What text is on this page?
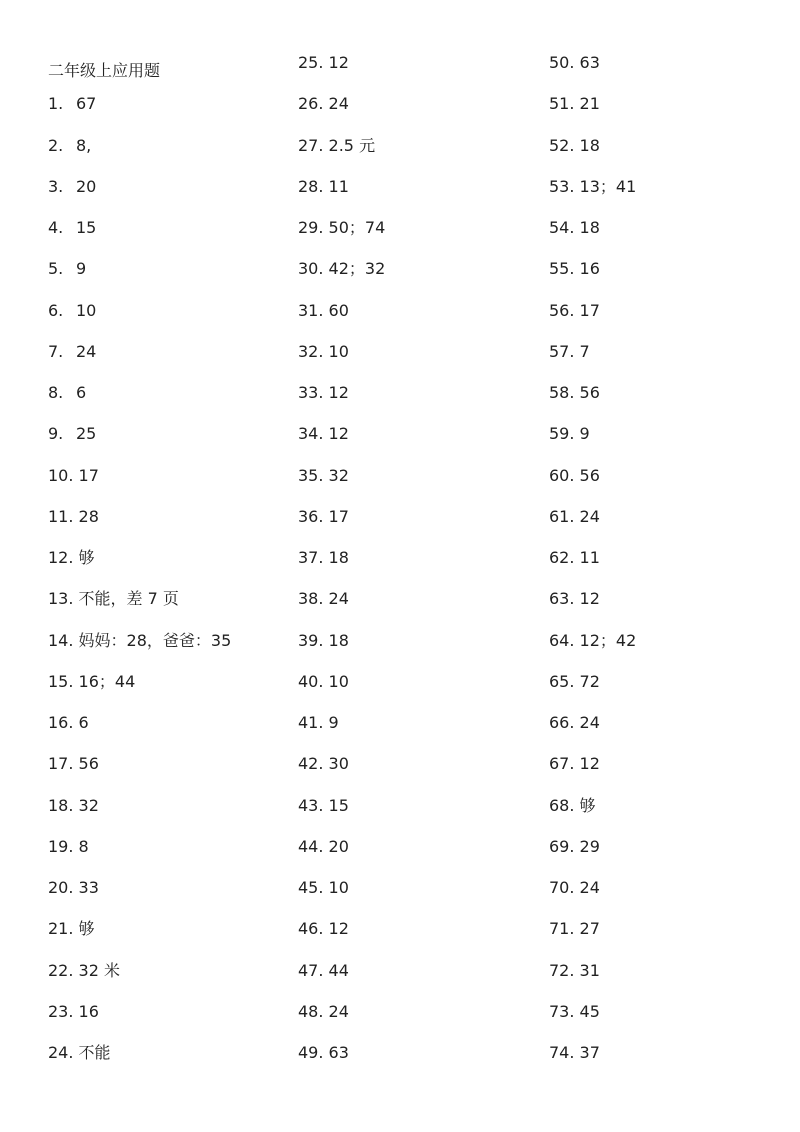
二年级上应用题
1. 67
2. 8,
3. 20
4. 15
5. 9
6. 10
7. 24
8. 6
9. 25
10. 17
11. 28
12. 够
13. 不能，差 7 页
14. 妈妈：28，爸爸：35
15. 16；44
16. 6
17. 56
18. 32
19. 8
20. 33
21. 够
22. 32 米
23. 16
24. 不能
25. 12
26. 24
27. 2.5 元
28. 11
29. 50；74
30. 42；32
31. 60
32. 10
33. 12
34. 12
35. 32
36. 17
37. 18
38. 24
39. 18
40. 10
41. 9
42. 30
43. 15
44. 20
45. 10
46. 12
47. 44
48. 24
49. 63
50. 63
51. 21
52. 18
53. 13；41
54. 18
55. 16
56. 17
57. 7
58. 56
59. 9
60. 56
61. 24
62. 11
63. 12
64. 12；42
65. 72
66. 24
67. 12
68. 够
69. 29
70. 24
71. 27
72. 31
73. 45
74. 37
